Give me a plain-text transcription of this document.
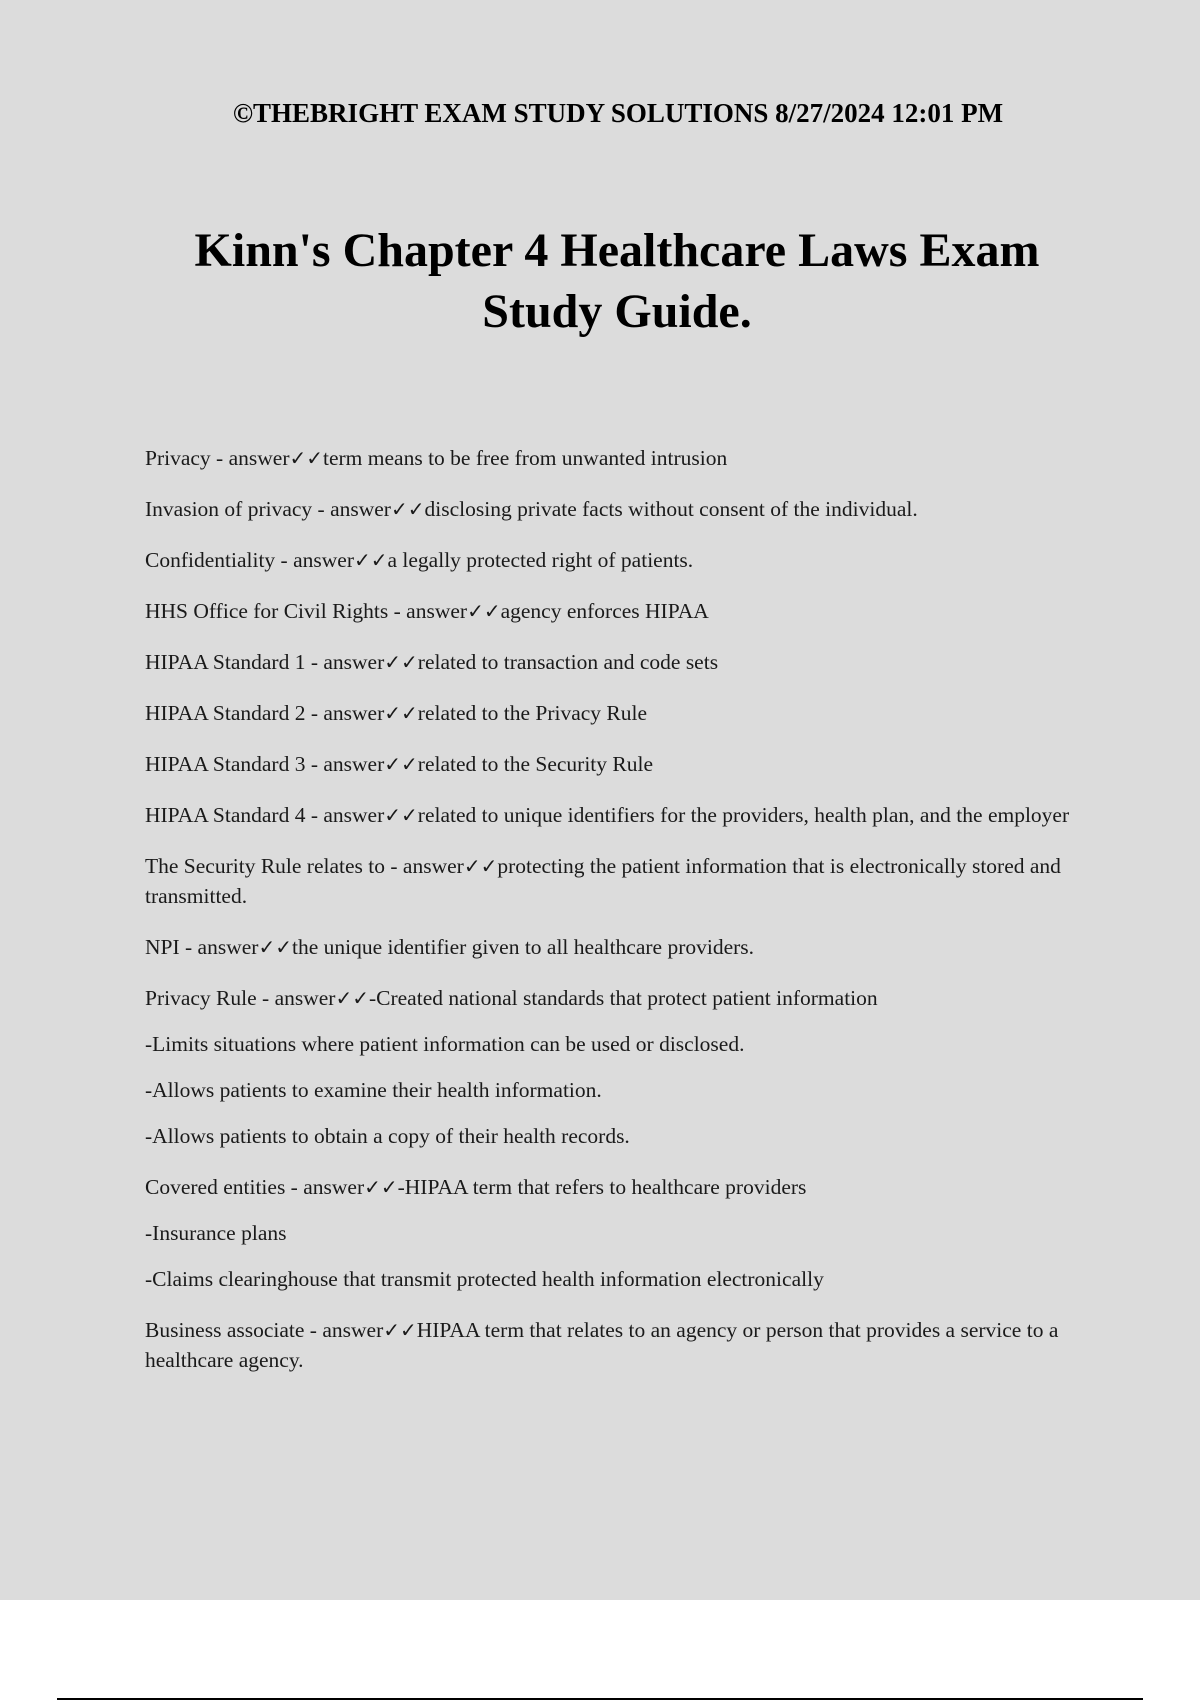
©THEBRIGHT EXAM STUDY SOLUTIONS 8/27/2024 12:01 PM
Kinn's Chapter 4 Healthcare Laws Exam
Study Guide.

Privacy - answer✓✓term means to be free from unwanted intrusion

Invasion of privacy - answer✓✓disclosing private facts without consent of the individual.

Confidentiality - answer✓✓a legally protected right of patients.

HHS Office for Civil Rights - answer✓✓agency enforces HIPAA

HIPAA Standard 1 - answer✓✓related to transaction and code sets

HIPAA Standard 2 - answer✓✓related to the Privacy Rule

HIPAA Standard 3 - answer✓✓related to the Security Rule

HIPAA Standard 4 - answer✓✓related to unique identifiers for the providers, health plan, and the employer

The Security Rule relates to - answer✓✓protecting the patient information that is electronically stored and transmitted.

NPI - answer✓✓the unique identifier given to all healthcare providers.

Privacy Rule - answer✓✓-Created national standards that protect patient information

-Limits situations where patient information can be used or disclosed.

-Allows patients to examine their health information.

-Allows patients to obtain a copy of their health records.

Covered entities - answer✓✓-HIPAA term that refers to healthcare providers

-Insurance plans

-Claims clearinghouse that transmit protected health information electronically

Business associate - answer✓✓HIPAA term that relates to an agency or person that provides a service to a healthcare agency.
